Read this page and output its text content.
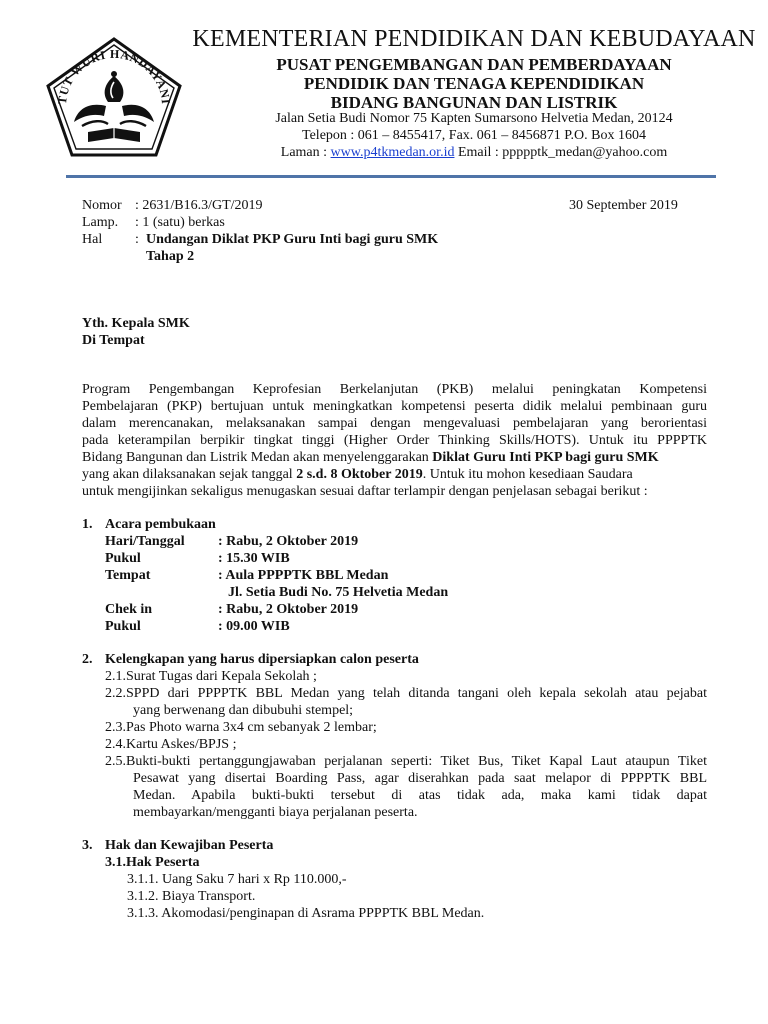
TUT WURI HANDAYANI
KEMENTERIAN PENDIDIKAN DAN KEBUDAYAAN
PUSAT PENGEMBANGAN DAN PEMBERDAYAAN
PENDIDIK DAN TENAGA KEPENDIDIKAN
BIDANG BANGUNAN DAN LISTRIK
Jalan Setia Budi Nomor 75 Kapten Sumarsono Helvetia Medan, 20124
Telepon : 061 – 8455417, Fax. 061 – 8456871 P.O. Box 1604
Laman : www.p4tkmedan.or.id Email : ppppptk_medan@yahoo.com
Nomor : 2631/B16.3/GT/2019	30 September 2019
Lamp. : 1 (satu) berkas
Hal : Undangan Diklat PKP Guru Inti bagi guru SMK
Tahap 2
Yth. Kepala SMK
Di Tempat
Program Pengembangan Keprofesian Berkelanjutan (PKB) melalui peningkatan Kompetensi
Pembelajaran (PKP) bertujuan untuk meningkatkan kompetensi peserta didik melalui pembinaan guru
dalam merencanakan, melaksanakan sampai dengan mengevaluasi pembelajaran yang berorientasi
pada keterampilan berpikir tingkat tinggi (Higher Order Thinking Skills/HOTS). Untuk itu PPPPTK
Bidang Bangunan dan Listrik Medan akan menyelenggarakan Diklat Guru Inti PKP bagi guru SMK
yang akan dilaksanakan sejak tanggal 2 s.d. 8 Oktober 2019. Untuk itu mohon kesediaan Saudara
untuk mengijinkan sekaligus menugaskan sesuai daftar terlampir dengan penjelasan sebagai berikut :
1. Acara pembukaan
Hari/Tanggal : Rabu, 2 Oktober 2019
Pukul	: 15.30 WIB
Tempat	: Aula PPPPTK BBL Medan
Jl. Setia Budi No. 75 Helvetia Medan
Chek in	: Rabu, 2 Oktober 2019
Pukul	: 09.00 WIB
2. Kelengkapan yang harus dipersiapkan calon peserta
2.1.Surat Tugas dari Kepala Sekolah ;
2.2.SPPD dari PPPPTK BBL Medan yang telah ditanda tangani oleh kepala sekolah atau pejabat
yang berwenang dan dibubuhi stempel;
2.3.Pas Photo warna 3x4 cm sebanyak 2 lembar;
2.4.Kartu Askes/BPJS ;
2.5.Bukti-bukti pertanggungjawaban perjalanan seperti: Tiket Bus, Tiket Kapal Laut ataupun Tiket
Pesawat yang disertai Boarding Pass, agar diserahkan pada saat melapor di PPPPTK BBL
Medan. Apabila bukti-bukti tersebut di atas tidak ada, maka kami tidak dapat
membayarkan/mengganti biaya perjalanan peserta.
3. Hak dan Kewajiban Peserta
3.1.Hak Peserta
3.1.1. Uang Saku 7 hari x Rp 110.000,-
3.1.2. Biaya Transport.
3.1.3. Akomodasi/penginapan di Asrama PPPPTK BBL Medan.
